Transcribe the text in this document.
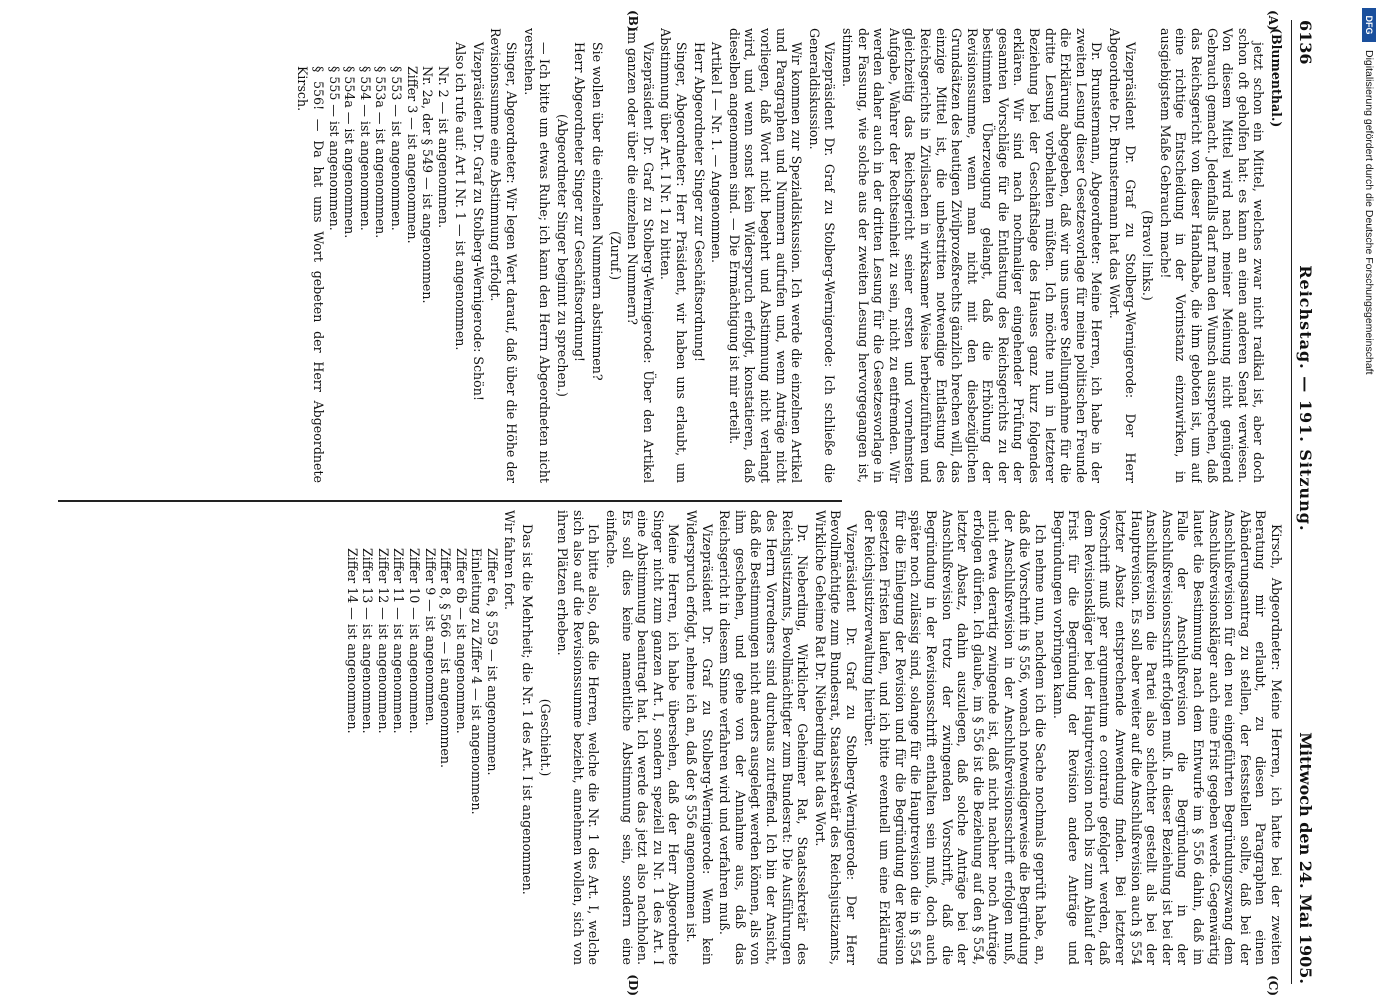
6136
Reichstag. — 191. Sitzung.
Mittwoch den 24. Mai 1905.
(A)
(B)
(C)
(D)

(Blumenthal.)

jetzt schon ein Mittel, welches zwar nicht radikal ist, aber doch schon oft geholfen hat: es kann an einen anderen Senat verwiesen. Von diesem Mittel wird nach meiner Meinung nicht genügend Gebrauch gemacht. Jedenfalls darf man den Wunsch aussprechen, daß das Reichsgericht von dieser Handhabe, die ihm geboten ist, um auf eine richtige Entscheidung in der Vorinstanz einzuwirken, in ausgiebigstem Maße Gebrauch mache!

(Bravo! links.)

Vizepräsident Dr. Graf zu Stolberg-Wernigerode: Der Herr Abgeordnete Dr. Brunstermann hat das Wort.

Dr. Brunstermann, Abgeordneter: Meine Herren, ich habe in der zweiten Lesung dieser Gesetzesvorlage für meine politischen Freunde die Erklärung abgegeben, daß wir uns unsere Stellungnahme für die dritte Lesung vorbehalten müßten. Ich möchte nun in letzterer Beziehung bei der Geschäftslage des Hauses ganz kurz folgendes erklären. Wir sind nach nochmaliger eingehender Prüfung der gesamten Vorschläge für die Entlastung des Reichsgerichts zu der bestimmten Überzeugung gelangt, daß die Erhöhung der Revisionssumme, wenn man nicht mit den diesbezüglichen Grundsätzen des heutigen Zivilprozeßrechts gänzlich brechen will, das einzige Mittel ist, die unbestritten notwendige Entlastung des Reichsgerichts in Zivilsachen in wirksamer Weise herbeizuführen und gleichzeitig das Reichsgericht seiner ersten und vornehmsten Aufgabe, Wahrer der Rechtseinheit zu sein, nicht zu entfremden. Wir werden daher auch in der dritten Lesung für die Gesetzesvorlage in der Fassung, wie solche aus der zweiten Lesung hervorgegangen ist, stimmen.

Vizepräsident Dr. Graf zu Stolberg-Wernigerode: Ich schließe die Generaldiskussion.

Wir kommen zur Spezialdiskussion. Ich werde die einzelnen Artikel und Paragraphen und Nummern aufrufen und, wenn Anträge nicht vorliegen, daß Wort nicht begehrt und Abstimmung nicht verlangt wird, und wenn sonst kein Widerspruch erfolgt, konstatieren, daß dieselben angenommen sind. — Die Ermächtigung ist mir erteilt.

Artikel I — Nr. 1. — Angenommen.

Herr Abgeordneter Singer zur Geschäftsordnung!

Singer, Abgeordneter: Herr Präsident, wir haben uns erlaubt, um Abstimmung über Art. I Nr. 1 zu bitten.

Vizepräsident Dr. Graf zu Stolberg-Wernigerode: Über den Artikel im ganzen oder über die einzelnen Nummern?

(Zuruf.)

Sie wollen über die einzelnen Nummern abstimmen?

Herr Abgeordneter Singer zur Geschäftsordnung!

(Abgeordneter Singer beginnt zu sprechen.)

— Ich bitte um etwas Ruhe; ich kann den Herrn Abgeordneten nicht verstehen.

Singer, Abgeordneter: Wir legen Wert darauf, daß über die Höhe der Revisionssumme eine Abstimmung erfolgt.

Vizepräsident Dr. Graf zu Stolberg-Wernigerode: Schön!

Also ich rufe auf: Art I Nr. 1 — ist angenommen.

Nr. 2 — ist angenommen.

Nr. 2a, der § 549 — ist angenommen.

Ziffer 3 — ist angenommen.

§ 553 — ist angenommen.

§ 553a — ist angenommen.

§ 554 — ist angenommen.

§ 554a — ist angenommen.

§ 555 — ist angenommen.

§ 556! — Da hat ums Wort gebeten der Herr Abgeordnete Kirsch.

Kirsch, Abgeordneter: Meine Herren, ich hatte bei der zweiten Beratung mir erlaubt, zu diesen Paragraphen einen Abänderungsantrag zu stellen, der festsstellen sollte, daß bei der Anschlußrevision für den neu eingeführten Begründungszwang dem Anschlußrevisionskläger auch eine Frist gegeben werde. Gegenwärtig lautet die Bestimmung nach dem Entwurfe im § 556 dahin, daß im Falle der Anschlußrevision die Begründung in der Anschlußrevisionsschrift erfolgen muß. In dieser Beziehung ist bei der Anschlußrevision die Partei also schlechter gestellt als bei der Hauptrevision. Es soll aber weiter auf die Anschlußrevision auch § 554 letzter Absatz entsprechende Anwendung finden. Bei letzterer Vorschrift muß per argumentum e contrario gefolgert werden, daß dem Revisionskläger bei der Hauptrevision noch bis zum Ablauf der Frist für die Begründung der Revision andere Anträge und Begründungen vorbringen kann.

Ich nehme nun, nachdem ich die Sache nochmals geprüft habe, an, daß die Vorschrift in § 556, wonach notwendigerweise die Begründung der Anschlußrevision in der Anschlußrevisionsschrift erfolgen muß, nicht etwa derartig zwingende ist, daß nicht nachher noch Anträge erfolgen dürfen. Ich glaube, im § 556 ist die Beziehung auf den § 554, letzter Absatz, dahin auszulegen, daß solche Anträge bei der Anschlußrevision trotz der zwingenden Vorschrift, daß die Begründung in der Revisionsschrift enthalten sein muß, doch auch später noch zulässig sind, solange für die Hauptrevision die in § 554 für die Einlegung der Revision und für die Begründung der Revision gesetzten Fristen laufen, und ich bitte eventuell um eine Erklärung der Reichsjustizverwaltung hierüber.

Vizepräsident Dr. Graf zu Stolberg-Wernigerode: Der Herr Bevollmächtigte zum Bundesrat, Staatssekretär des Reichsjustizamts, Wirkliche Geheime Rat Dr. Nieberding hat das Wort.

Dr. Nieberding, Wirklicher Geheimer Rat, Staatssekretär des Reichsjustizamts, Bevollmächtigter zum Bundesrat: Die Ausführungen des Herrn Vorredners sind durchaus zutreffend. Ich bin der Ansicht, daß die Bestimmungen nicht anders ausgelegt werden können, als von ihm geschehen, und gehe von der Annahme aus, daß das Reichsgericht in diesem Sinne verfahren wird und verfahren muß.

Vizepräsident Dr. Graf zu Stolberg-Wernigerode: Wenn kein Widerspruch erfolgt, nehme ich an, daß der § 556 angenommen ist.

Meine Herren, ich habe übersehen, daß der Herr Abgeordnete Singer nicht zum ganzen Art. I, sondern speziell zu Nr. 1 des Art. I eine Abstimmung beantragt hat. Ich werde das jetzt also nachholen. Es soll dies keine namentliche Abstimmung sein, sondern eine einfache.

Ich bitte also, daß die Herren, welche die Nr. 1 des Art. I, welche sich also auf die Revisionssumme bezieht, annehmen wollen, sich von ihren Plätzen erheben.

(Geschieht.)

Das ist die Mehrheit; die Nr. 1 des Art. I ist angenommen.

Wir fahren fort.

Ziffer 6a, § 559 — ist angenommen.

Einleitung zu Ziffer 4 — ist angenommen.

Ziffer 6b — ist angenommen.

Ziffer 8, § 566 — ist angenommen.

Ziffer 9 — ist angenommen.

Ziffer 10 — ist angenommen.

Ziffer 11 — ist angenommen.

Ziffer 12 — ist angenommen.

Ziffer 13 — ist angenommen.

Ziffer 14 — ist angenommen.

DFG
Digitalisierung gefördert durch die Deutsche Forschungsgemeinschaft
